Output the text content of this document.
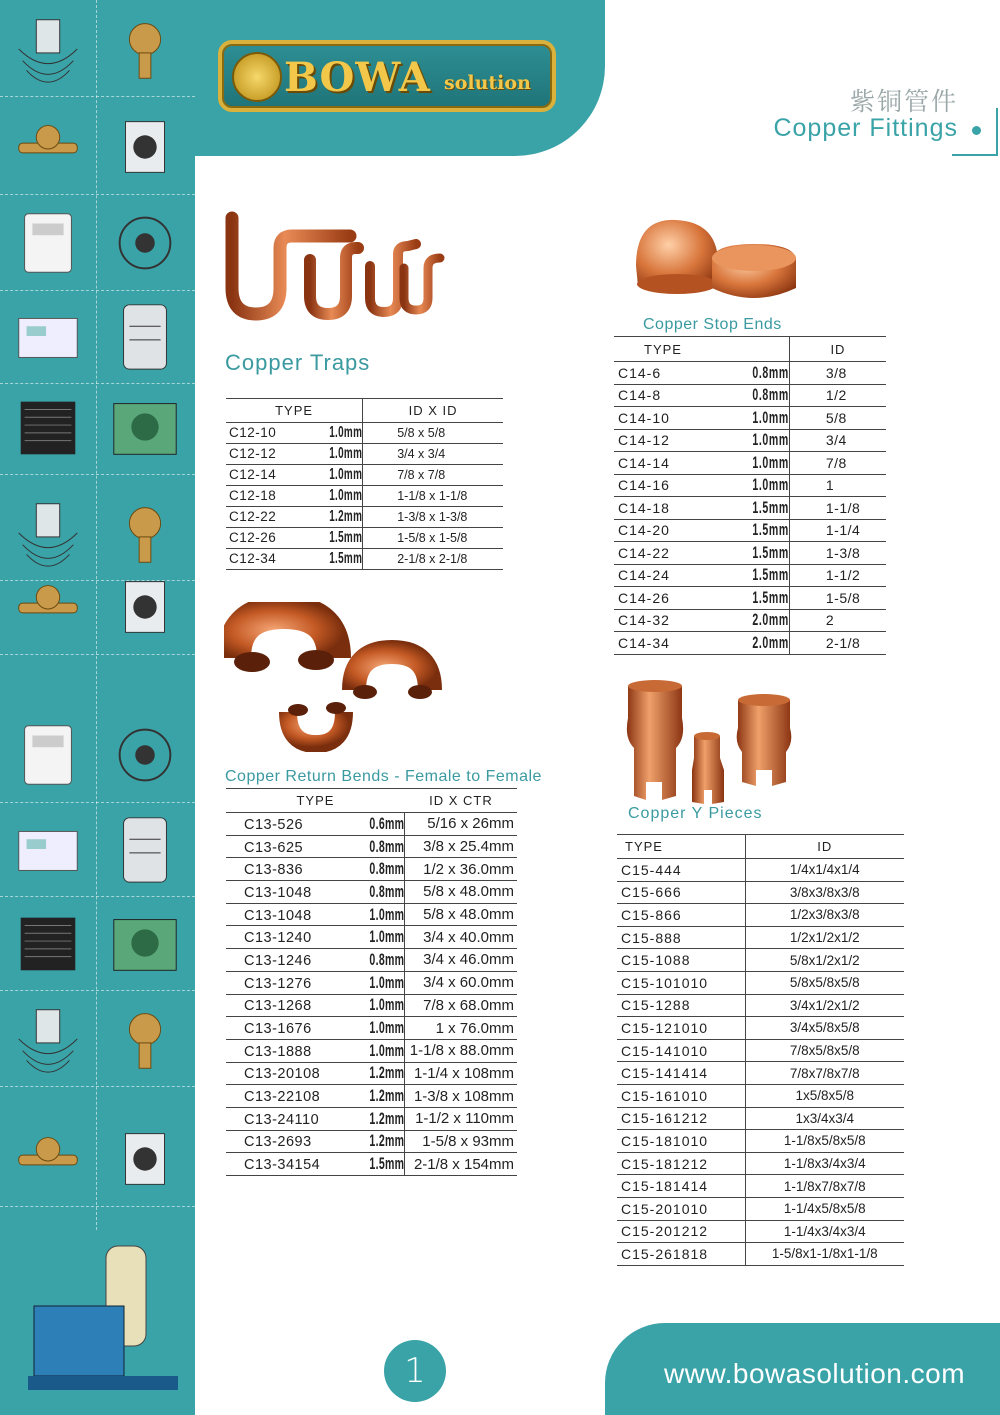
BOWA solution
紫铜管件
Copper Fittings
Copper Traps
TYPE	ID X ID
C12-10 1.0mm	5/8 x 5/8
C12-12 1.0mm	3/4 x 3/4
C12-14 1.0mm	7/8 x 7/8
C12-18 1.0mm	1-1/8 x 1-1/8
C12-22 1.2mm	1-3/8 x 1-3/8
C12-26 1.5mm	1-5/8 x 1-5/8
C12-34 1.5mm	2-1/8 x 2-1/8
Copper Return Bends - Female to Female
TYPE	ID X CTR
C13-526 0.6mm	5/16 x 26mm
C13-625 0.8mm	3/8 x 25.4mm
C13-836 0.8mm	1/2 x 36.0mm
C13-1048 0.8mm	5/8 x 48.0mm
C13-1048 1.0mm	5/8 x 48.0mm
C13-1240 1.0mm	3/4 x 40.0mm
C13-1246 0.8mm	3/4 x 46.0mm
C13-1276 1.0mm	3/4 x 60.0mm
C13-1268 1.0mm	7/8 x 68.0mm
C13-1676 1.0mm	1 x 76.0mm
C13-1888 1.0mm	1-1/8 x 88.0mm
C13-20108 1.2mm	1-1/4 x 108mm
C13-22108 1.2mm	1-3/8 x 108mm
C13-24110 1.2mm	1-1/2 x 110mm
C13-2693 1.2mm	1-5/8 x 93mm
C13-34154 1.5mm	2-1/8 x 154mm
Copper Stop Ends
TYPE	ID
C14-6 0.8mm	3/8
C14-8 0.8mm	1/2
C14-10 1.0mm	5/8
C14-12 1.0mm	3/4
C14-14 1.0mm	7/8
C14-16 1.0mm	1
C14-18 1.5mm	1-1/8
C14-20 1.5mm	1-1/4
C14-22 1.5mm	1-3/8
C14-24 1.5mm	1-1/2
C14-26 1.5mm	1-5/8
C14-32 2.0mm	2
C14-34 2.0mm	2-1/8
Copper Y Pieces
TYPE	ID
C15-444	1/4x1/4x1/4
C15-666	3/8x3/8x3/8
C15-866	1/2x3/8x3/8
C15-888	1/2x1/2x1/2
C15-1088	5/8x1/2x1/2
C15-101010	5/8x5/8x5/8
C15-1288	3/4x1/2x1/2
C15-121010	3/4x5/8x5/8
C15-141010	7/8x5/8x5/8
C15-141414	7/8x7/8x7/8
C15-161010	1x5/8x5/8
C15-161212	1x3/4x3/4
C15-181010	1-1/8x5/8x5/8
C15-181212	1-1/8x3/4x3/4
C15-181414	1-1/8x7/8x7/8
C15-201010	1-1/4x5/8x5/8
C15-201212	1-1/4x3/4x3/4
C15-261818	1-5/8x1-1/8x1-1/8
1	www.bowasolution.com
